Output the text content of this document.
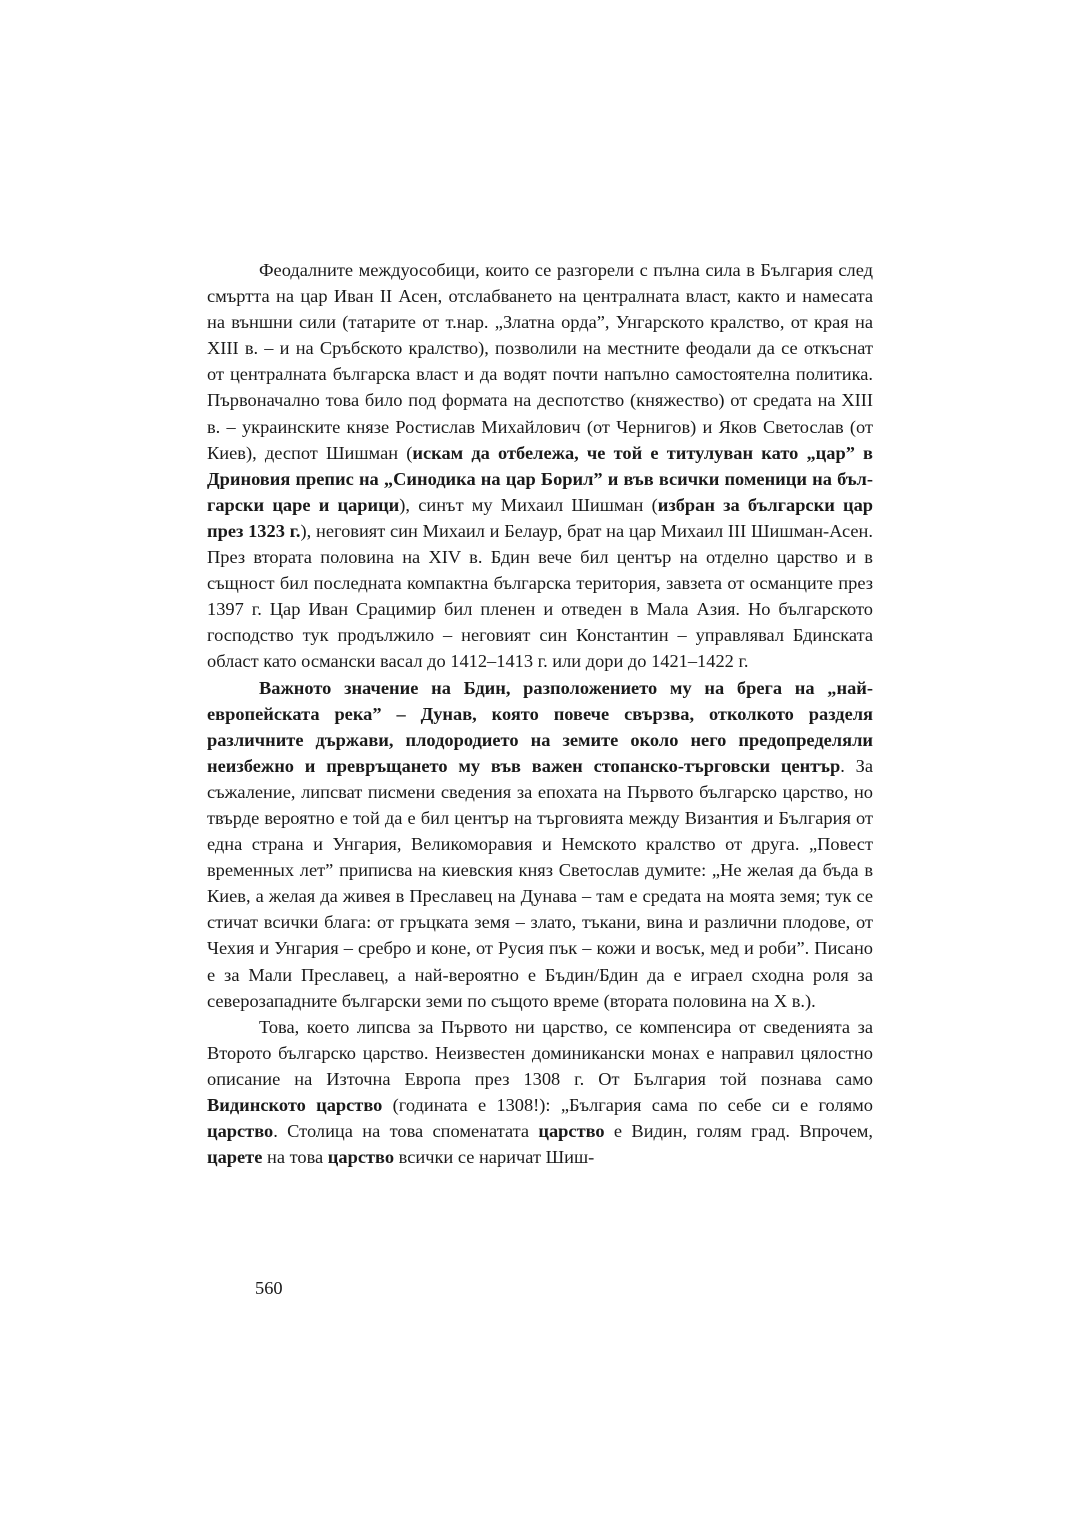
Феодалните междуособици, които се разгорели с пълна сила в България след смъртта на цар Иван II Асен, отслабването на централната власт, както и намесата на външни сили (татарите от т.нар. „Златна орда”, Унгарското кралство, от края на XIII в. – и на Сръбското кралство), позволили на местните феодали да се откъснат от централната българска власт и да водят почти напълно самостоятелна политика. Първоначално това било под формата на деспотство (княжество) от средата на XIII в. – украинските князе Ростислав Михайлович (от Чернигов) и Яков Светослав (от Киев), деспот Шишман (искам да отбележа, че той е титулуван като „цар” в Дриновия препис на „Синодика на цар Борил” и във всички поменици на български царе и царици), синът му Михаил Шишман (избран за български цар през 1323 г.), неговият син Михаил и Белаур, брат на цар Михаил III Шишман-Асен. През втората половина на XIV в. Бдин вече бил център на отделно царство и в същност бил последната компактна българска територия, завзета от османците през 1397 г. Цар Иван Срацимир бил пленен и отведен в Мала Азия. Но българското господство тук продължило – неговият син Константин – управлявал Бдинската област като османски васал до 1412–1413 г. или дори до 1421–1422 г.

Важното значение на Бдин, разположението му на брега на „най-европейската река” – Дунав, която повече свързва, отколкото разделя различните държави, плодородието на земите около него предопределяли неизбежно и превръщането му във важен стопанско-търговски център. За съжаление, липсват писмени сведения за епохата на Първото българско царство, но твърде вероятно е той да е бил център на търговията между Византия и България от една страна и Унгария, Великоморавия и Немското кралство от друга. „Повест временных лет” приписва на киевския княз Светослав думите: „Не желая да бъда в Киев, а желая да живея в Преславец на Дунава – там е средата на моята земя; тук се стичат всички блага: от гръцката земя – злато, тъкани, вина и различни плодове, от Чехия и Унгария – сребро и коне, от Русия пък – кожи и восък, мед и роби”. Писано е за Мали Преславец, а най-вероятно е Бъдин/Бдин да е играел сходна роля за северозападните български земи по същото време (втората половина на X в.).

Това, което липсва за Първото ни царство, се компенсира от сведенията за Второто българско царство. Неизвестен доминикански монах е направил цялостно описание на Източна Европа през 1308 г. От България той познава само Видинското царство (годината е 1308!): „България сама по себе си е голямо царство. Столица на това споменатата царство е Видин, голям град. Впрочем, царете на това царство всички се наричат Шиш-

560
